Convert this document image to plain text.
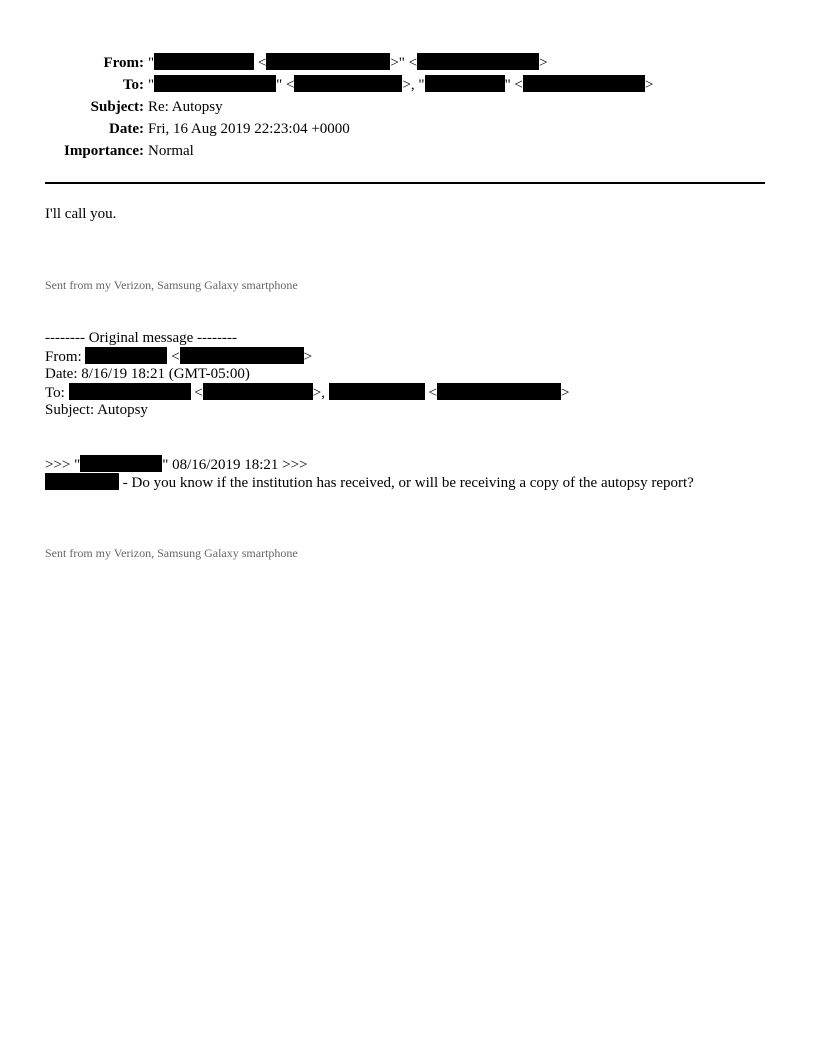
From: "	<	>" <	>
To: "	" <	>, "	" <	>
Subject: Re: Autopsy
Date: Fri, 16 Aug 2019 22:23:04 +0000
Importance: Normal
I'll call you.
Sent from my Verizon, Samsung Galaxy smartphone
-------- Original message --------
From:	<	>
Date: 8/16/19 18:21 (GMT-05:00)
To:	<	>,	<	>
Subject: Autopsy
>>> "	" 08/16/2019 18:21 >>>
- Do you know if the institution has received, or will be receiving a copy of the autopsy report?
Sent from my Verizon, Samsung Galaxy smartphone
